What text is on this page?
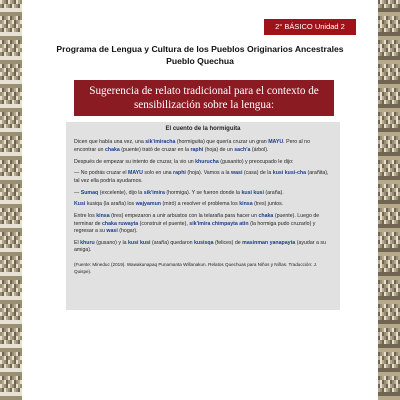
2° BÁSICO Unidad 2
Programa de Lengua y Cultura de los Pueblos Originarios Ancestrales
Pueblo Quechua
Sugerencia de relato tradicional para el contexto de
sensibilización sobre la lengua:
El cuento de la hormiguita

Dicen que había una vez, una sik'imiracha (hormiguita) que quería cruzar un gran MAYU. Pero al no encontrar un chaka (puente) trató de cruzar en la raphi (hoja) de un sach'a (árbol).

Después de empezar su intento de cruzar, la vio un khuruchа (gusanito) y preocupado le dijo:

— No podrás cruzar el MAYU solo en una raphi (hoja). Vamos a la wasi (casa) de la kusi kusi-cha (arañita), tal vez ella podría ayudarnos.

— Sumaq (excelente), dijo la sik'imira (hormiga). Y se fueron donde la kusi kusi (araña).

Kusi kusiqa (la araña) los wajyamun (miró) a resolver el problema los kinsa (tres) juntos.

Entre los kinsa (tres) empezaron a unir arbustos con la telaraña para hacer un chaka (puente). Luego de terminar de chaka ruwayta (construir el puente), sik'imira chimpayta atin (la hormiga pudo cruzarlo) y regresar a su wasi (hogar).

El khuru (gusano) y la kusi kusi (araña) quedaron kusisqa (felices) de masinman yanapayta (ayudar a su amiga).

(Fuente: Mineduc (2019). Wawakunapaq Punamanta Willanakun. Relatos Quechuas para Niños y Niñas. Traducción: J. Quispe).
